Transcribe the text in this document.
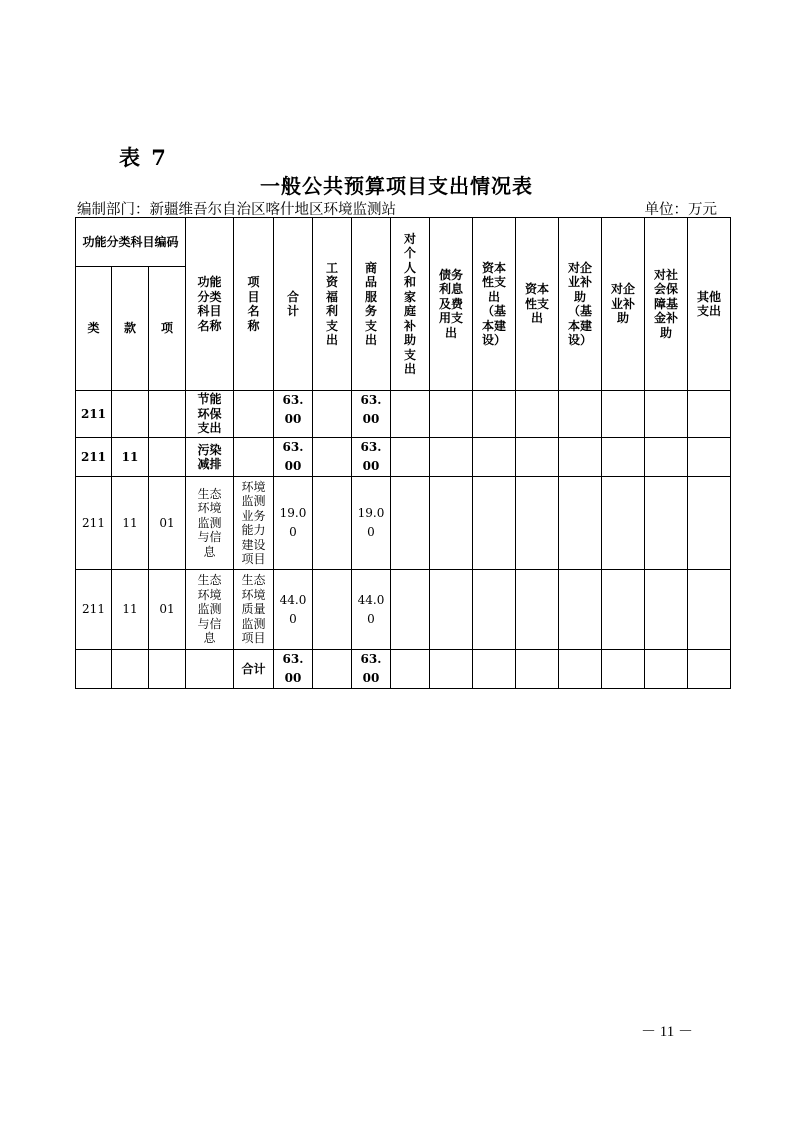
表 7
一般公共预算项目支出情况表
编制部门：新疆维吾尔自治区喀什地区环境监测站	单位：万元
功能分类科目编码			功能分类科目名称	项目名称	合计	工资福利支出	商品服务支出	对个人和家庭补助支出	债务利息及费用支出	资本性支出（基本建设）	资本性支出	对企业补助（基本建设）	对企业补助	对社会保障基金补助	其他支出

类	款	项													
211			节能环保支出		63.00		63.00								

211	11		污染减排		63.00		63.00								

211	11	01	生态环境监测与信息	环境监测业务能力建设项目	19.00		19.00								

211	11	01	生态环境监测与信息	生态环境质量监测项目	44.00		44.00								

				合计	63.00		63.00								

－ 11 －
